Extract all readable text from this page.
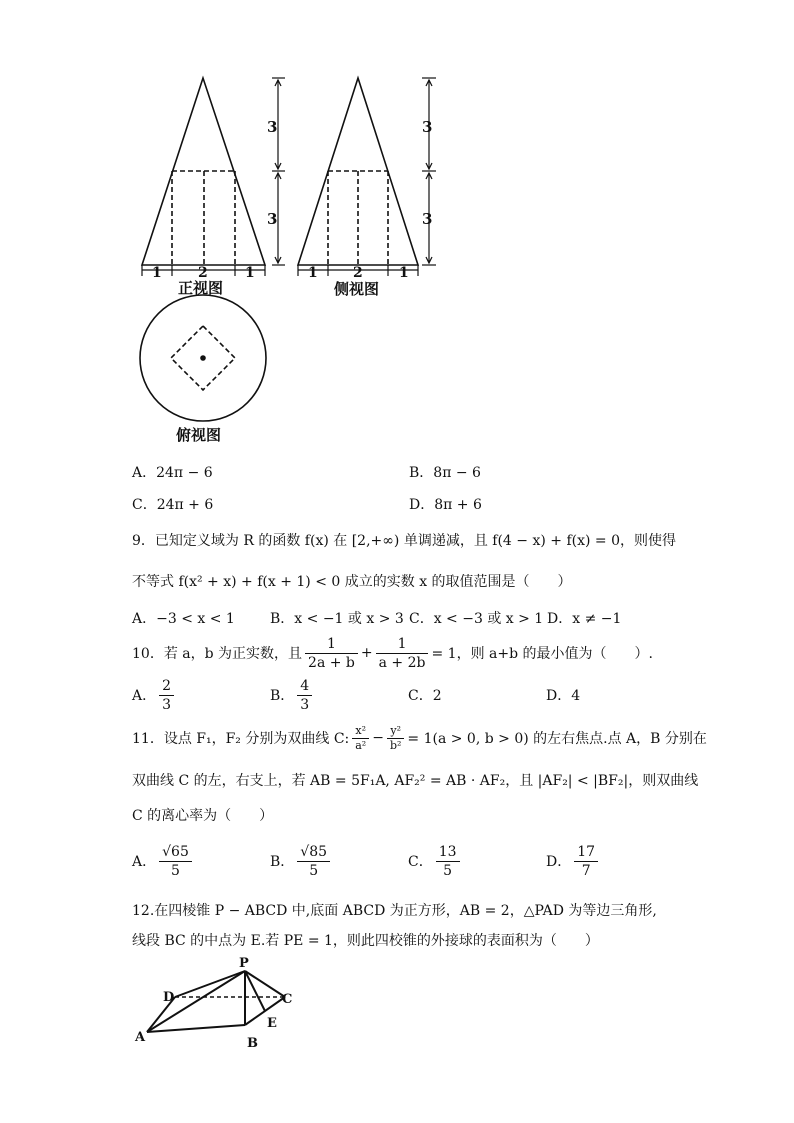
1	2	1
3
3
1	2	1
3
3
正视图	侧视图
俯视图
A．24π − 6	B．8π − 6
C．24π + 6	D．8π + 6
9．已知定义域为 R 的函数 f(x) 在 [2,+∞) 单调递减，且 f(4 − x) + f(x) = 0，则使得
不等式 f(x² + x) + f(x + 1) < 0 成立的实数 x 的取值范围是（　　）
A．−3 < x < 1	B．x < −1 或 x > 3 C．x < −3 或 x > 1 D．x ≠ −1
10．若 a，b 为正实数，且 $\frac{1}{2a + b} + \frac{1}{a + 2b} = 1$，则 a+b 的最小值为（　　）.
A． $\frac{2}{3}$	B． $\frac{4}{3}$	C．2	D．4
11．设点 F₁，F₂ 分别为双曲线 C: $\frac{\text{x²}}{\text{a²}} - \frac{\text{y²}}{\text{b²}} = 1(a > 0$, b > 0) 的左右焦点.点 A，B 分别在
双曲线 C 的左，右支上，若 AB = 5F₁A, AF₂² = AB · AF₂，且 |AF₂| < |BF₂|，则双曲线
C 的离心率为（　　）
A． $\frac{√65}{5}$	B． $\frac{√85}{5}$	C． $\frac{13}{5}$	D． $\frac{17}{7}$
12.在四棱锥 P − ABCD 中,底面 ABCD 为正方形，AB = 2，△PAD 为等边三角形,
线段 BC 的中点为 E.若 PE = 1，则此四校锥的外接球的表面积为（　　）
P
A	B
C
D
E
